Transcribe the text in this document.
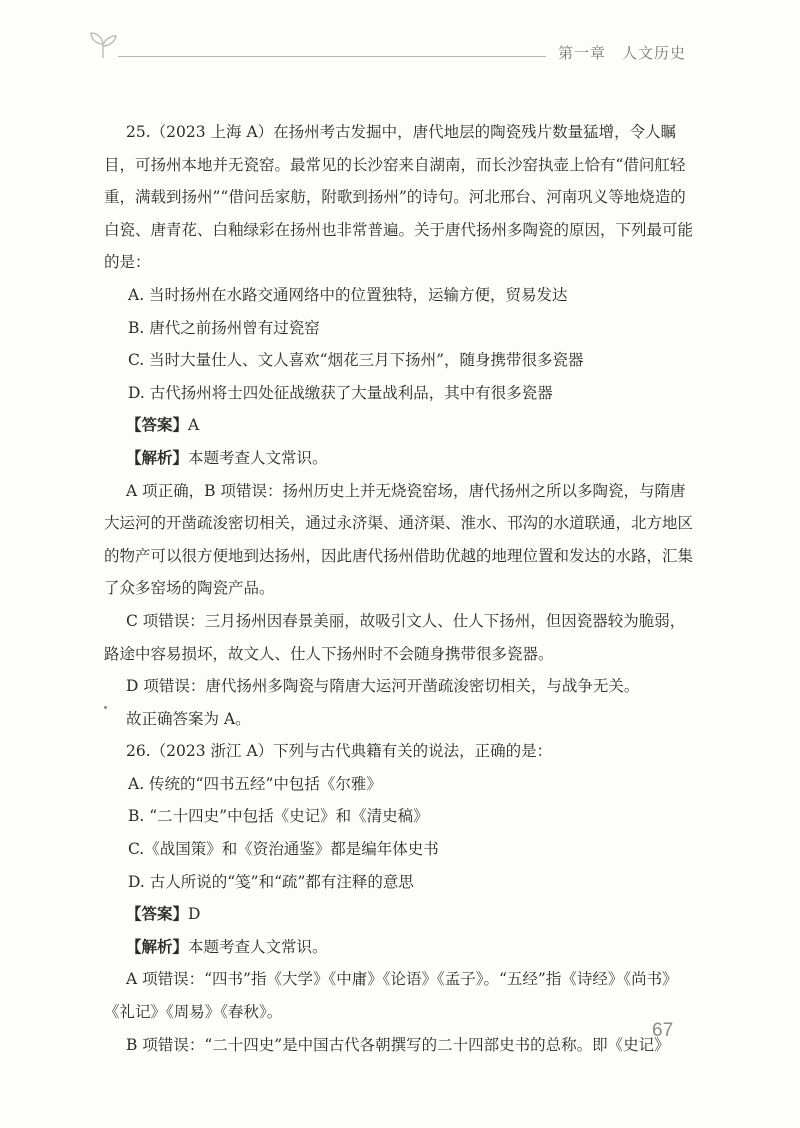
第一章　人文历史

25.（2023 上海 A）在扬州考古发掘中，唐代地层的陶瓷残片数量猛增，令人瞩目，可扬州本地并无瓷窑。最常见的长沙窑来自湖南，而长沙窑执壶上恰有“借问舡轻重，满载到扬州”“借问岳家舫，附歌到扬州”的诗句。河北邢台、河南巩义等地烧造的白瓷、唐青花、白釉绿彩在扬州也非常普遍。关于唐代扬州多陶瓷的原因，下列最可能的是：

A. 当时扬州在水路交通网络中的位置独特，运输方便，贸易发达

B. 唐代之前扬州曾有过瓷窑

C. 当时大量仕人、文人喜欢“烟花三月下扬州”，随身携带很多瓷器

D. 古代扬州将士四处征战缴获了大量战利品，其中有很多瓷器

【答案】A

【解析】本题考查人文常识。

A 项正确，B 项错误：扬州历史上并无烧瓷窑场，唐代扬州之所以多陶瓷，与隋唐大运河的开凿疏浚密切相关，通过永济渠、通济渠、淮水、邗沟的水道联通，北方地区的物产可以很方便地到达扬州，因此唐代扬州借助优越的地理位置和发达的水路，汇集了众多窑场的陶瓷产品。

C 项错误：三月扬州因春景美丽，故吸引文人、仕人下扬州，但因瓷器较为脆弱，路途中容易损坏，故文人、仕人下扬州时不会随身携带很多瓷器。

D 项错误：唐代扬州多陶瓷与隋唐大运河开凿疏浚密切相关，与战争无关。

故正确答案为 A。

26.（2023 浙江 A）下列与古代典籍有关的说法，正确的是：

A. 传统的“四书五经”中包括《尔雅》

B. “二十四史”中包括《史记》和《清史稿》

C.《战国策》和《资治通鉴》都是编年体史书

D. 古人所说的“笺”和“疏”都有注释的意思

【答案】D

【解析】本题考查人文常识。

A 项错误：“四书”指《大学》《中庸》《论语》《孟子》。“五经”指《诗经》《尚书》《礼记》《周易》《春秋》。

B 项错误：“二十四史”是中国古代各朝撰写的二十四部史书的总称。即《史记》

67
